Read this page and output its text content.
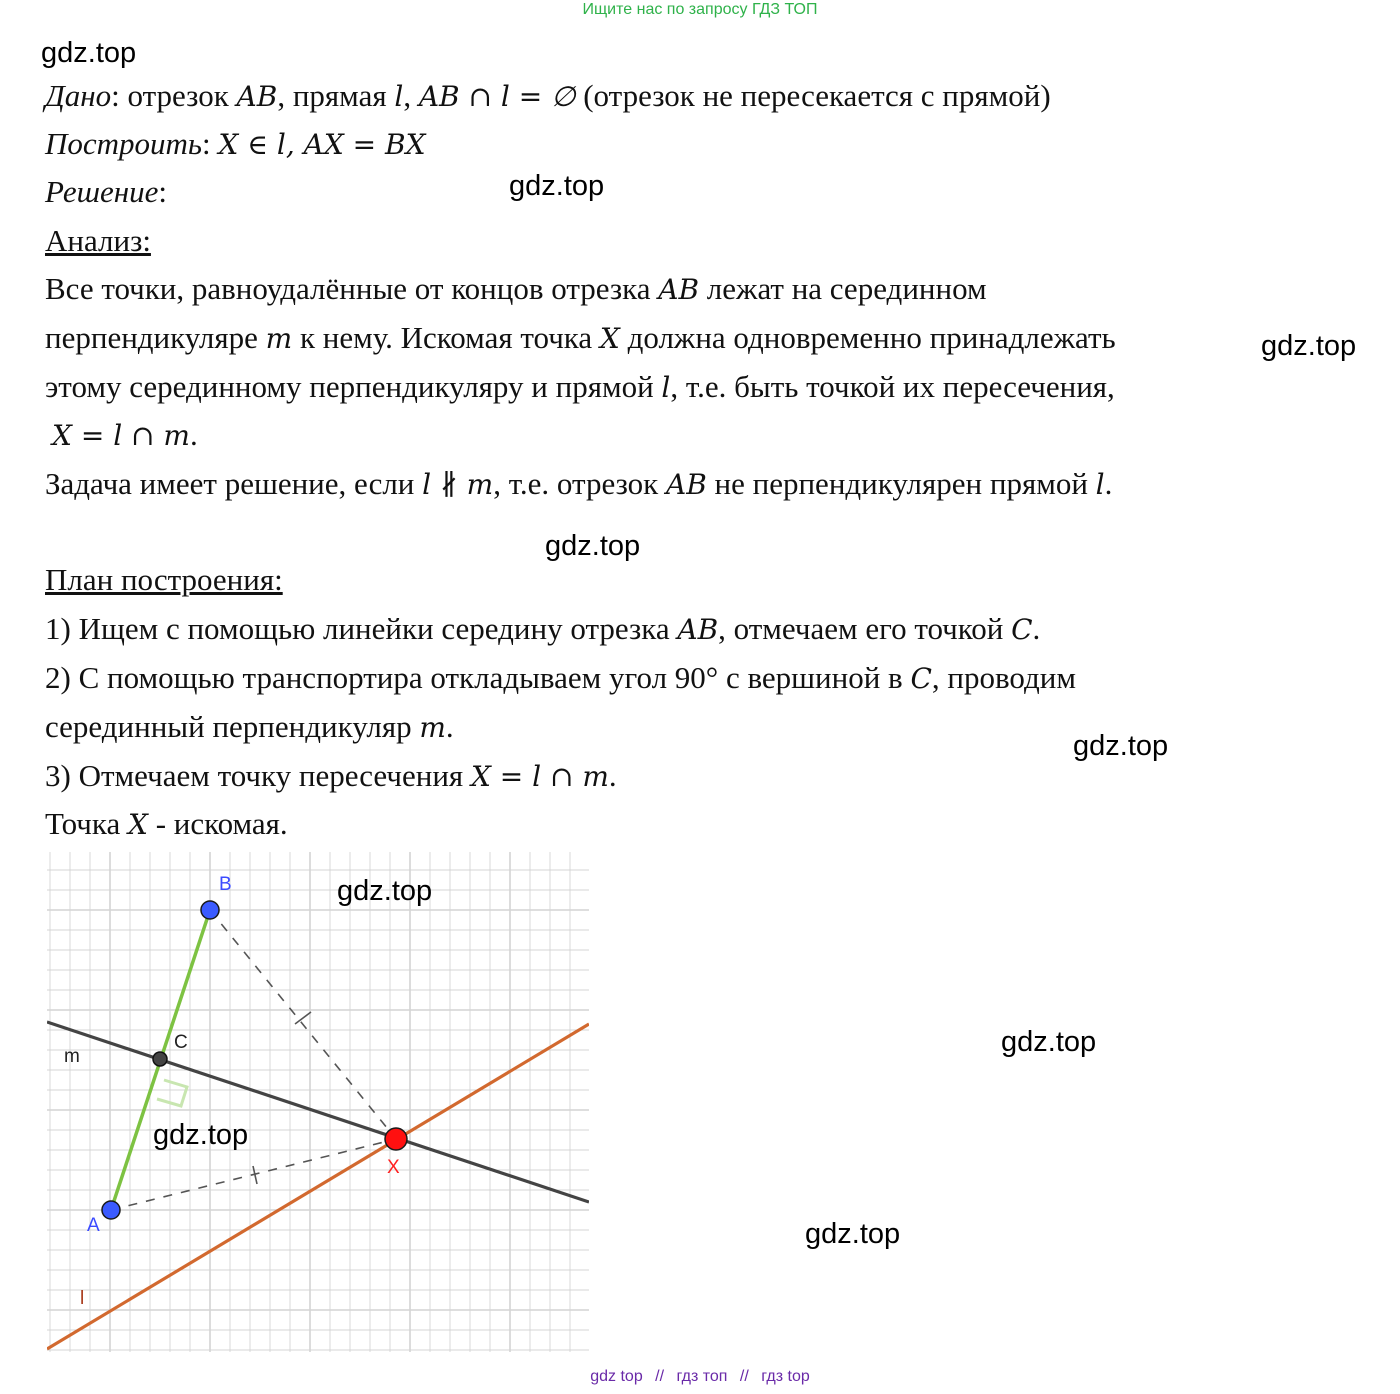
Ищите нас по запросу ГДЗ ТОП
gdz.top
gdz.top
gdz.top
gdz.top
gdz.top
gdz.top
gdz.top
Дано: отрезок AB, прямая l, AB ∩ l = ∅ (отрезок не пересекается с прямой)
Построить: X ∈ l, AX = BX
Решение:
Анализ:
Все точки, равноудалённые от концов отрезка AB лежат на серединном
перпендикуляре m к нему. Искомая точка X должна одновременно принадлежать
этому серединному перпендикуляру и прямой l, т.е. быть точкой их пересечения,
X = l ∩ m.
Задача имеет решение, если l ∦ m, т.е. отрезок AB не перпендикулярен прямой l.
План построения:
1) Ищем с помощью линейки середину отрезка AB, отмечаем его точкой C.
2) С помощью транспортира откладываем угол 90° с вершиной в C, проводим
серединный перпендикуляр m.
3) Отмечаем точку пересечения X = l ∩ m.
Точка X - искомая.
A
B
C
X
m
l
gdz.top
gdz.top
gdz top // гдз топ // гдз top
